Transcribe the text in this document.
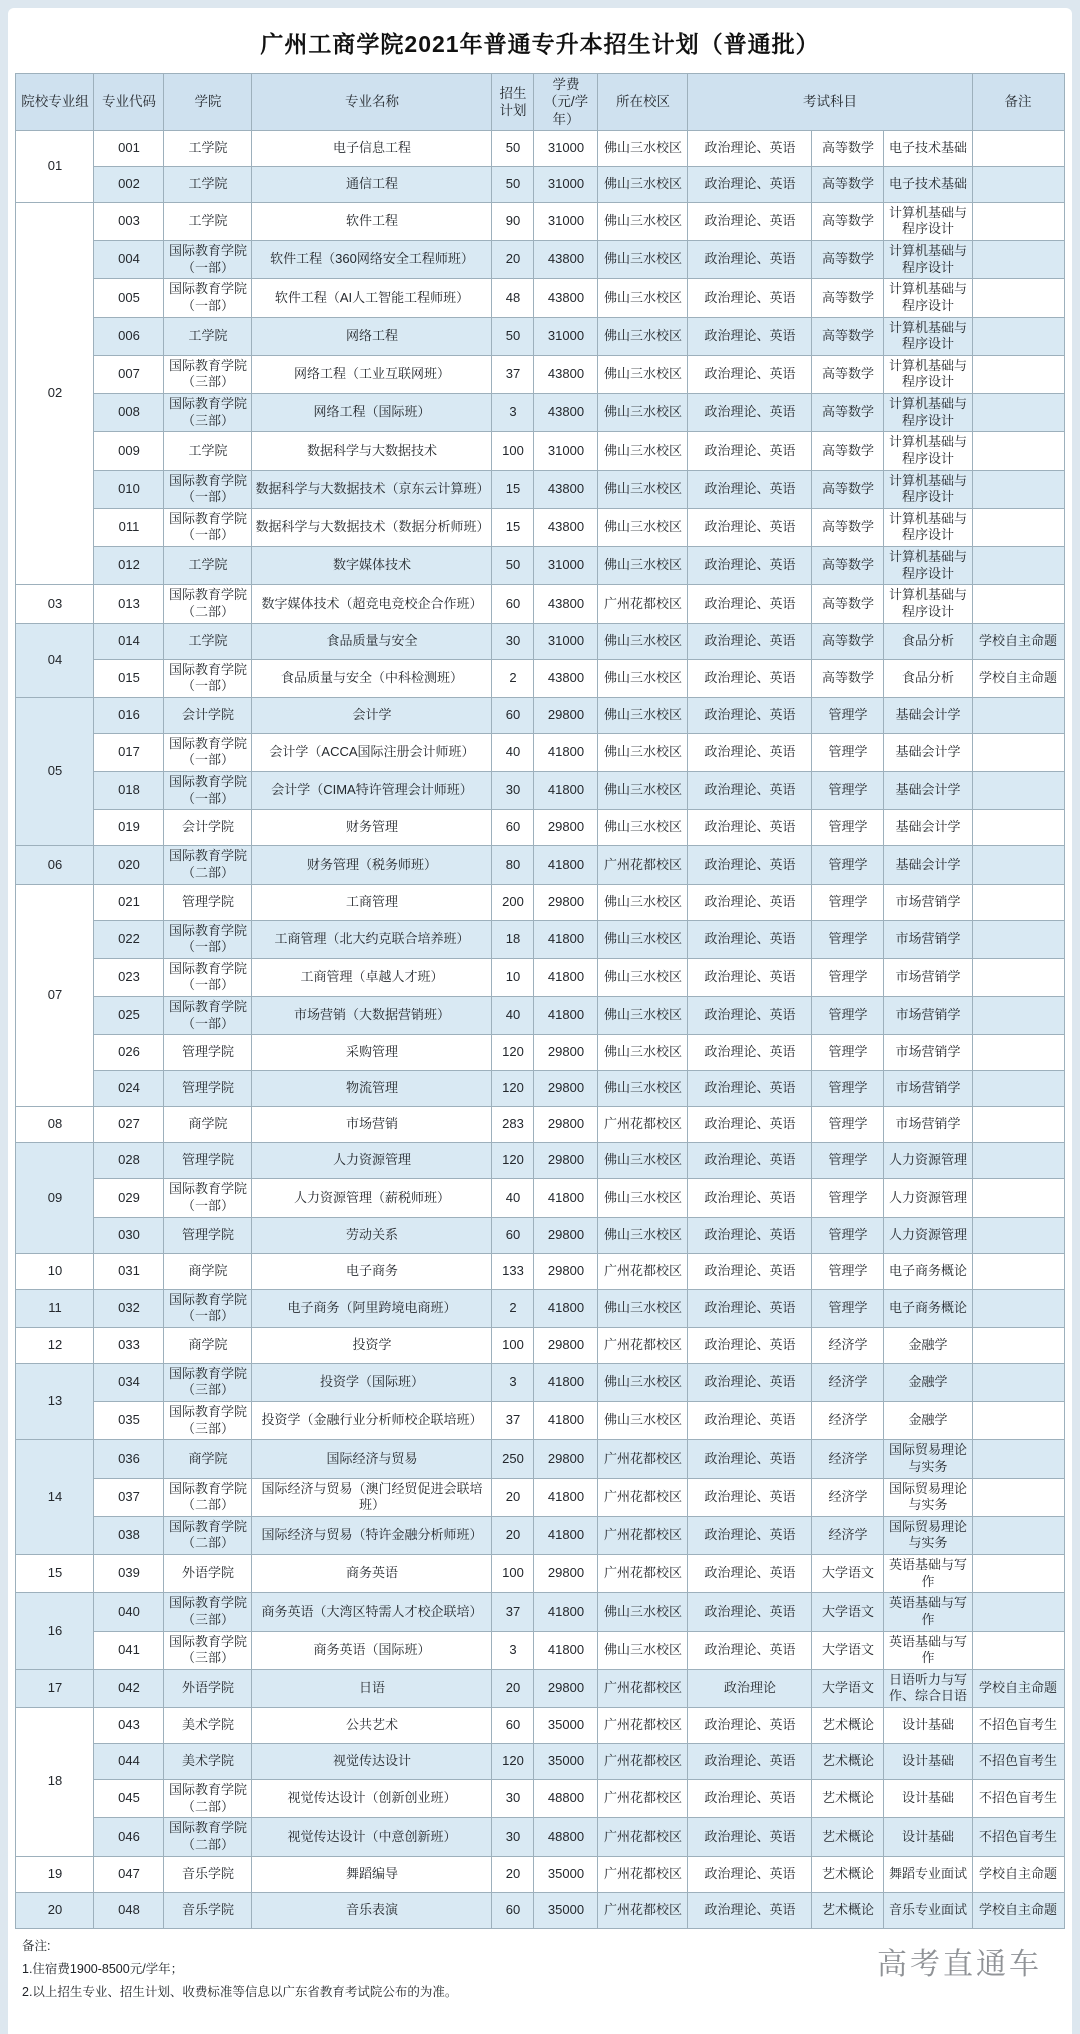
广州工商学院2021年普通专升本招生计划（普通批）
院校专业组	专业代码	学院	专业名称	招生计划	学费（元/学年）	所在校区	考试科目			备注
01	001	工学院	电子信息工程	50	31000	佛山三水校区	政治理论、英语	高等数学	电子技术基础	
	002	工学院	通信工程	50	31000	佛山三水校区	政治理论、英语	高等数学	电子技术基础	
02	003	工学院	软件工程	90	31000	佛山三水校区	政治理论、英语	高等数学	计算机基础与程序设计	
	004	国际教育学院（一部）	软件工程（360网络安全工程师班）	20	43800	佛山三水校区	政治理论、英语	高等数学	计算机基础与程序设计	
	005	国际教育学院（一部）	软件工程（AI人工智能工程师班）	48	43800	佛山三水校区	政治理论、英语	高等数学	计算机基础与程序设计	
	006	工学院	网络工程	50	31000	佛山三水校区	政治理论、英语	高等数学	计算机基础与程序设计	
	007	国际教育学院（三部）	网络工程（工业互联网班）	37	43800	佛山三水校区	政治理论、英语	高等数学	计算机基础与程序设计	
	008	国际教育学院（三部）	网络工程（国际班）	3	43800	佛山三水校区	政治理论、英语	高等数学	计算机基础与程序设计	
	009	工学院	数据科学与大数据技术	100	31000	佛山三水校区	政治理论、英语	高等数学	计算机基础与程序设计	
	010	国际教育学院（一部）	数据科学与大数据技术（京东云计算班）	15	43800	佛山三水校区	政治理论、英语	高等数学	计算机基础与程序设计	
	011	国际教育学院（一部）	数据科学与大数据技术（数据分析师班）	15	43800	佛山三水校区	政治理论、英语	高等数学	计算机基础与程序设计	
	012	工学院	数字媒体技术	50	31000	佛山三水校区	政治理论、英语	高等数学	计算机基础与程序设计	
03	013	国际教育学院（二部）	数字媒体技术（超竞电竞校企合作班）	60	43800	广州花都校区	政治理论、英语	高等数学	计算机基础与程序设计	
04	014	工学院	食品质量与安全	30	31000	佛山三水校区	政治理论、英语	高等数学	食品分析	学校自主命题
	015	国际教育学院（一部）	食品质量与安全（中科检测班）	2	43800	佛山三水校区	政治理论、英语	高等数学	食品分析	学校自主命题
05	016	会计学院	会计学	60	29800	佛山三水校区	政治理论、英语	管理学	基础会计学	
	017	国际教育学院（一部）	会计学（ACCA国际注册会计师班）	40	41800	佛山三水校区	政治理论、英语	管理学	基础会计学	
	018	国际教育学院（一部）	会计学（CIMA特许管理会计师班）	30	41800	佛山三水校区	政治理论、英语	管理学	基础会计学	
	019	会计学院	财务管理	60	29800	佛山三水校区	政治理论、英语	管理学	基础会计学	
06	020	国际教育学院（二部）	财务管理（税务师班）	80	41800	广州花都校区	政治理论、英语	管理学	基础会计学	
07	021	管理学院	工商管理	200	29800	佛山三水校区	政治理论、英语	管理学	市场营销学	
	022	国际教育学院（一部）	工商管理（北大约克联合培养班）	18	41800	佛山三水校区	政治理论、英语	管理学	市场营销学	
	023	国际教育学院（一部）	工商管理（卓越人才班）	10	41800	佛山三水校区	政治理论、英语	管理学	市场营销学	
	025	国际教育学院（一部）	市场营销（大数据营销班）	40	41800	佛山三水校区	政治理论、英语	管理学	市场营销学	
	026	管理学院	采购管理	120	29800	佛山三水校区	政治理论、英语	管理学	市场营销学	
	024	管理学院	物流管理	120	29800	佛山三水校区	政治理论、英语	管理学	市场营销学	
08	027	商学院	市场营销	283	29800	广州花都校区	政治理论、英语	管理学	市场营销学	
09	028	管理学院	人力资源管理	120	29800	佛山三水校区	政治理论、英语	管理学	人力资源管理	
	029	国际教育学院（一部）	人力资源管理（薪税师班）	40	41800	佛山三水校区	政治理论、英语	管理学	人力资源管理	
	030	管理学院	劳动关系	60	29800	佛山三水校区	政治理论、英语	管理学	人力资源管理	
10	031	商学院	电子商务	133	29800	广州花都校区	政治理论、英语	管理学	电子商务概论	
11	032	国际教育学院（一部）	电子商务（阿里跨境电商班）	2	41800	佛山三水校区	政治理论、英语	管理学	电子商务概论	
12	033	商学院	投资学	100	29800	广州花都校区	政治理论、英语	经济学	金融学	
13	034	国际教育学院（三部）	投资学（国际班）	3	41800	佛山三水校区	政治理论、英语	经济学	金融学	
	035	国际教育学院（三部）	投资学（金融行业分析师校企联培班）	37	41800	佛山三水校区	政治理论、英语	经济学	金融学	
14	036	商学院	国际经济与贸易	250	29800	广州花都校区	政治理论、英语	经济学	国际贸易理论与实务	
	037	国际教育学院（二部）	国际经济与贸易（澳门经贸促进会联培班）	20	41800	广州花都校区	政治理论、英语	经济学	国际贸易理论与实务	
	038	国际教育学院（二部）	国际经济与贸易（特许金融分析师班）	20	41800	广州花都校区	政治理论、英语	经济学	国际贸易理论与实务	
15	039	外语学院	商务英语	100	29800	广州花都校区	政治理论、英语	大学语文	英语基础与写作	
16	040	国际教育学院（三部）	商务英语（大湾区特需人才校企联培）	37	41800	佛山三水校区	政治理论、英语	大学语文	英语基础与写作	
	041	国际教育学院（三部）	商务英语（国际班）	3	41800	佛山三水校区	政治理论、英语	大学语文	英语基础与写作	
17	042	外语学院	日语	20	29800	广州花都校区	政治理论	大学语文	日语听力与写作、综合日语	学校自主命题
18	043	美术学院	公共艺术	60	35000	广州花都校区	政治理论、英语	艺术概论	设计基础	不招色盲考生
	044	美术学院	视觉传达设计	120	35000	广州花都校区	政治理论、英语	艺术概论	设计基础	不招色盲考生
	045	国际教育学院（二部）	视觉传达设计（创新创业班）	30	48800	广州花都校区	政治理论、英语	艺术概论	设计基础	不招色盲考生
	046	国际教育学院（二部）	视觉传达设计（中意创新班）	30	48800	广州花都校区	政治理论、英语	艺术概论	设计基础	不招色盲考生
19	047	音乐学院	舞蹈编导	20	35000	广州花都校区	政治理论、英语	艺术概论	舞蹈专业面试	学校自主命题
20	048	音乐学院	音乐表演	60	35000	广州花都校区	政治理论、英语	艺术概论	音乐专业面试	学校自主命题
备注:
1.住宿费1900-8500元/学年；
2.以上招生专业、招生计划、收费标准等信息以广东省教育考试院公布的为准。
高考直通车
